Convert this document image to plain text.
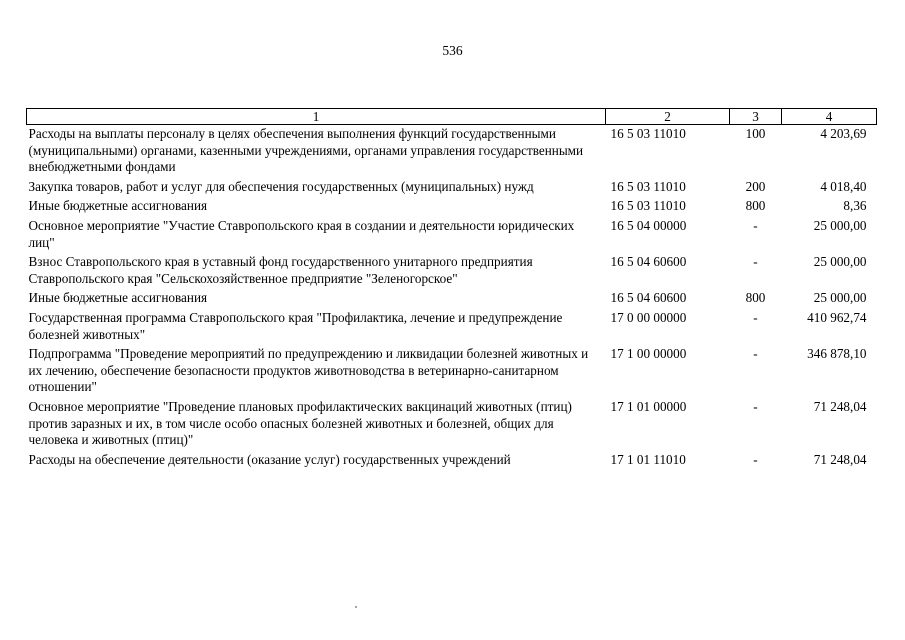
536
1	2	3	4
Расходы на выплаты персоналу в целях обеспечения выполнения функций государственными (муниципальными) органами, казенными учреждениями, органами управления государственными внебюджетными фондами	16 5 03 11010	100	4 203,69
Закупка товаров, работ и услуг для обеспечения государственных (муниципальных) нужд	16 5 03 11010	200	4 018,40
Иные бюджетные ассигнования	16 5 03 11010	800	8,36
Основное мероприятие "Участие Ставропольского края в создании и деятельности юридических лиц"	16 5 04 00000	-	25 000,00
Взнос Ставропольского края в уставный фонд государственного унитарного предприятия Ставропольского края "Сельскохозяйственное предприятие "Зеленогорское"	16 5 04 60600	-	25 000,00
Иные бюджетные ассигнования	16 5 04 60600	800	25 000,00
Государственная программа Ставропольского края "Профилактика, лечение и предупреждение болезней животных"	17 0 00 00000	-	410 962,74
Подпрограмма "Проведение мероприятий по предупреждению и ликвидации болезней животных и их лечению, обеспечение безопасности продуктов животноводства в ветеринарно-санитарном отношении"	17 1 00 00000	-	346 878,10
Основное мероприятие "Проведение плановых профилактических вакцинаций животных (птиц) против заразных и их, в том числе особо опасных болезней животных и болезней, общих для человека и животных (птиц)"	17 1 01 00000	-	71 248,04
Расходы на обеспечение деятельности (оказание услуг) государственных учреждений	17 1 01 11010	-	71 248,04
